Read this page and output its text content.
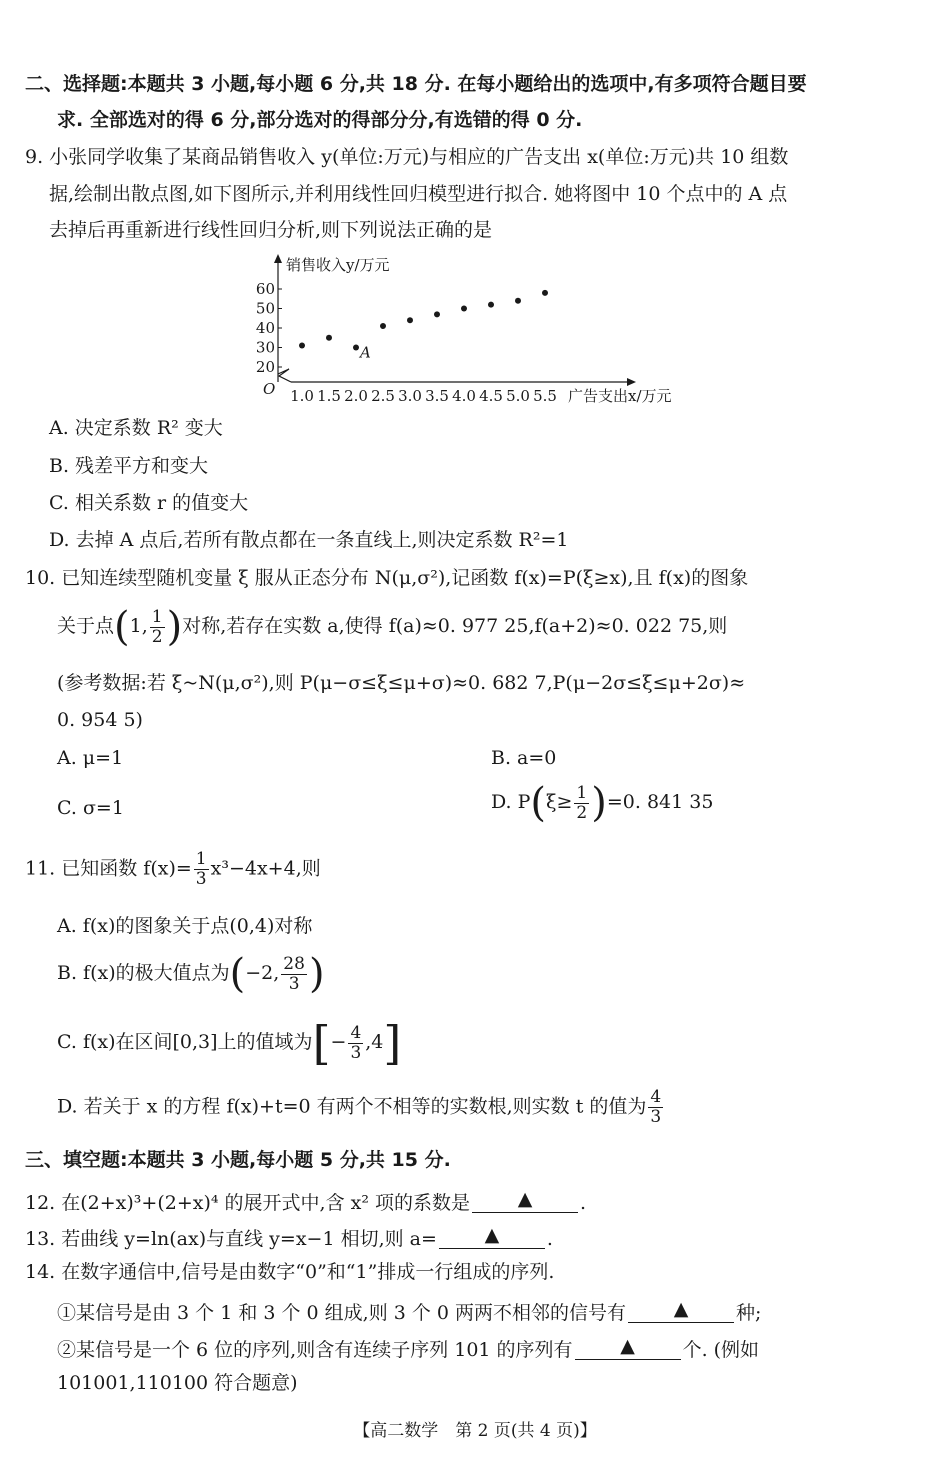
二、选择题:本题共 3 小题,每小题 6 分,共 18 分. 在每小题给出的选项中,有多项符合题目要
求. 全部选对的得 6 分,部分选对的得部分分,有选错的得 0 分.
9. 小张同学收集了某商品销售收入 y(单位:万元)与相应的广告支出 x(单位:万元)共 10 组数
据,绘制出散点图,如下图所示,并利用线性回归模型进行拟合. 她将图中 10 个点中的 A 点
去掉后再重新进行线性回归分析,则下列说法正确的是
销售收入y/万元
广告支出x/万元
O
20
30
40
50
60
1.0 1.5 2.0 2.5 3.0 3.5 4.0 4.5 5.0 5.5
A
A. 决定系数 R² 变大
B. 残差平方和变大
C. 相关系数 r 的值变大
D. 去掉 A 点后,若所有散点都在一条直线上,则决定系数 R²=1
10. 已知连续型随机变量 ξ 服从正态分布 N(μ,σ²),记函数 f(x)=P(ξ≥x),且 f(x)的图象
关于点(1, $\frac{1}{2}$ )对称,若存在实数 a,使得 f(a)≈0. 977 25,f(a+2)≈0. 022 75,则
(参考数据:若 ξ~N(μ,σ²),则 P(μ−σ≤ξ≤μ+σ)≈0. 682 7,P(μ−2σ≤ξ≤μ+2σ)≈
0. 954 5)
A. μ=1	B. a=0
C. σ=1	D. $P(\xi\ge \frac{1}{2} )=0$. 841 35
11. 已知函数 $f(x)= \frac{1}{3} x^3-4x+4$,则
A. f(x)的图象关于点(0,4)对称
B. f(x)的极大值点为(−2, $\frac{28}{3}$ )
C. f(x)在区间[0,3]上的值域为[− $\frac{4}{3} ,4$]
D. 若关于 x 的方程 f(x)+t=0 有两个不相等的实数根,则实数 t 的值为 $\frac{4}{3}$
三、填空题:本题共 3 小题,每小题 5 分,共 15 分.
12. 在(2+x)³+(2+x)⁴ 的展开式中,含 x² 项的系数是	▲	.
13. 若曲线 y=ln(ax)与直线 y=x−1 相切,则 a=	▲	.
14. 在数字通信中,信号是由数字“0”和“1”排成一行组成的序列.
①某信号是由 3 个 1 和 3 个 0 组成,则 3 个 0 两两不相邻的信号有	▲	种;
②某信号是一个 6 位的序列,则含有连续子序列 101 的序列有	▲	个. (例如
101001,110100 符合题意)
【高二数学　第 2 页(共 4 页)】
